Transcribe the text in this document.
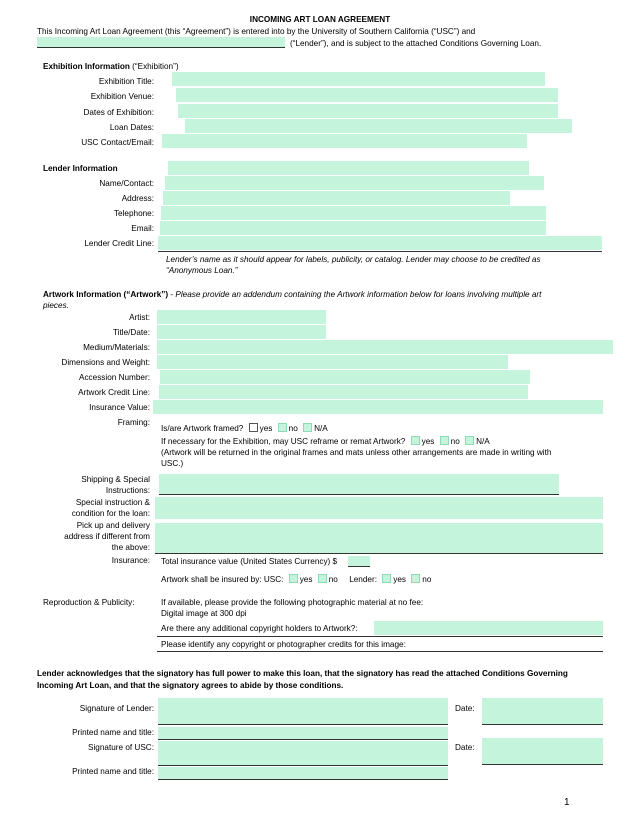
INCOMING ART LOAN AGREEMENT
This Incoming Art Loan Agreement (this “Agreement”) is entered into by the University of Southern California (“USC”) and
(“Lender”), and is subject to the attached Conditions Governing Loan.
Exhibition Information (“Exhibition”)
Exhibition Title:
Exhibition Venue:
Dates of Exhibition:
Loan Dates:
USC Contact/Email:
Lender Information
Name/Contact:
Address:
Telephone:
Email:
Lender Credit Line:
Lender’s name as it should appear for labels, publicity, or catalog. Lender may choose to be credited as
“Anonymous Loan.”
Artwork Information (“Artwork”) - Please provide an addendum containing the Artwork information below for loans involving multiple art
pieces.
Artist:
Title/Date:
Medium/Materials:
Dimensions and Weight:
Accession Number:
Artwork Credit Line:
Insurance Value:
Framing:
Is/are Artwork framed? yes no N/A
If necessary for the Exhibition, may USC reframe or remat Artwork? yes no N/A
(Artwork will be returned in the original frames and mats unless other arrangements are made in writing with
USC.)
Shipping & Special
Instructions:
Special instruction &
condition for the loan:
Pick up and delivery
address if different from
the above:
Insurance: Total insurance value (United States Currency) $
Artwork shall be insured by: USC: yes no Lender: yes no
Reproduction & Publicity:	If available, please provide the following photographic material at no fee:
Digital image at 300 dpi
Are there any additional copyright holders to Artwork?:
Please identify any copyright or photographer credits for this image:
Lender acknowledges that the signatory has full power to make this loan, that the signatory has read the attached Conditions Governing
Incoming Art Loan, and that the signatory agrees to abide by those conditions.
Signature of Lender:	Date:
Printed name and title:
Signature of USC:	Date:
Printed name and title:
1
